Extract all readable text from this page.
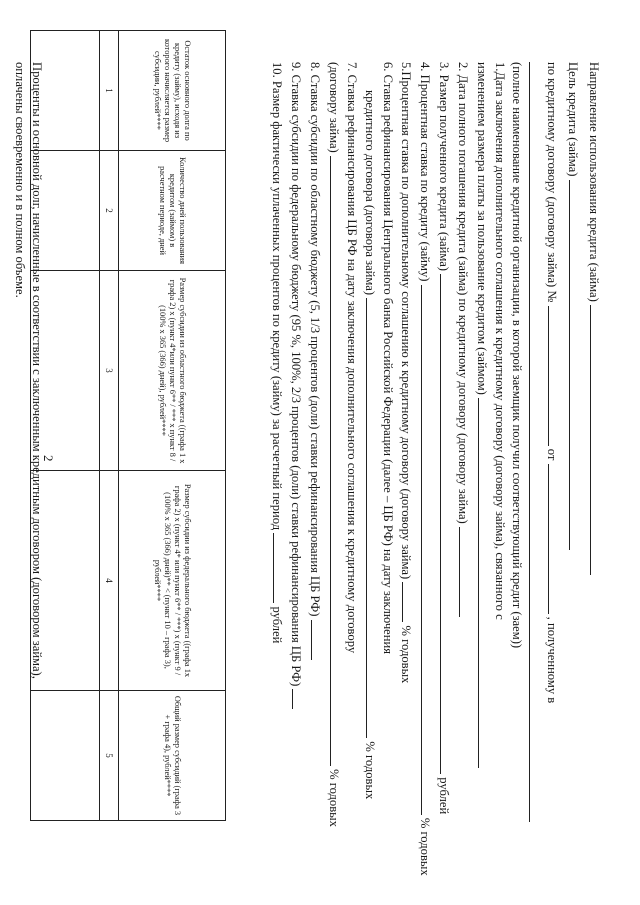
2
Направление использования кредита (займа)
Цель кредита (займа)
по кредитному договору (договору займа) №  от  , полученному в
(полное наименование кредитной организации, в которой заемщик получил соответствующий кредит (заем))
1.Дата заключения дополнительного соглашения к кредитному договору (договору займа), связанного с
изменением размера платы за пользование кредитом (займом)
2. Дата полного погашения кредита (займа) по кредитному договору (договору займа)
3. Размер полученного кредита (займа)  рублей
4. Процентная ставка по кредиту (займу)  % годовых
5.Процентная ставка по дополнительному соглашению к кредитному договору (договору займа)  % годовых
6. Ставка рефинансирования Центрального банка Российской Федерации (далее – ЦБ РФ) на дату заключения
кредитного договора (договора займа)  % годовых
7. Ставка рефинансирования ЦБ РФ на дату заключения дополнительного соглашения к кредитному договору
(договору займа)  % годовых
8. Ставка субсидии по областному бюджету (5, 1/3 процентов (доли) ставки рефинансирования ЦБ РФ)
9. Ставка субсидии по федеральному бюджету (95 %, 100%, 2/3 процентов (доли) ставки рефинансирования ЦБ РФ)
10. Размер фактически уплаченных процентов по кредиту (займу) за расчетный период  рублей
Остаток основного долга по кредиту (займу), исходя из которого начисляется размер субсидии, рублей****	Количество дней пользования кредитом (займом) в расчетном периоде, дней	Размер субсидии из областного бюджета ((графа 1 x графа 2) x (пункт 4*или пункт 6** / *** x пункт 8 / (100% x 365 (366) дней), рублей****	Размер субсидии из федерального бюджета ((графа 1x графа 2) x (пункт 4* или пункт 6** / ***) x (пункт 9 / (100% x 365 (366) дней)** < (пункт 10 – графа 3), рублей****	Общий размер субсидий (графа 3 + графа 4), рублей****
1	2	3	4	5

Проценты и основной долг, начисленные в соответствии с заключенным кредитным договором (договором займа),
оплачены своевременно и в полном объеме.
